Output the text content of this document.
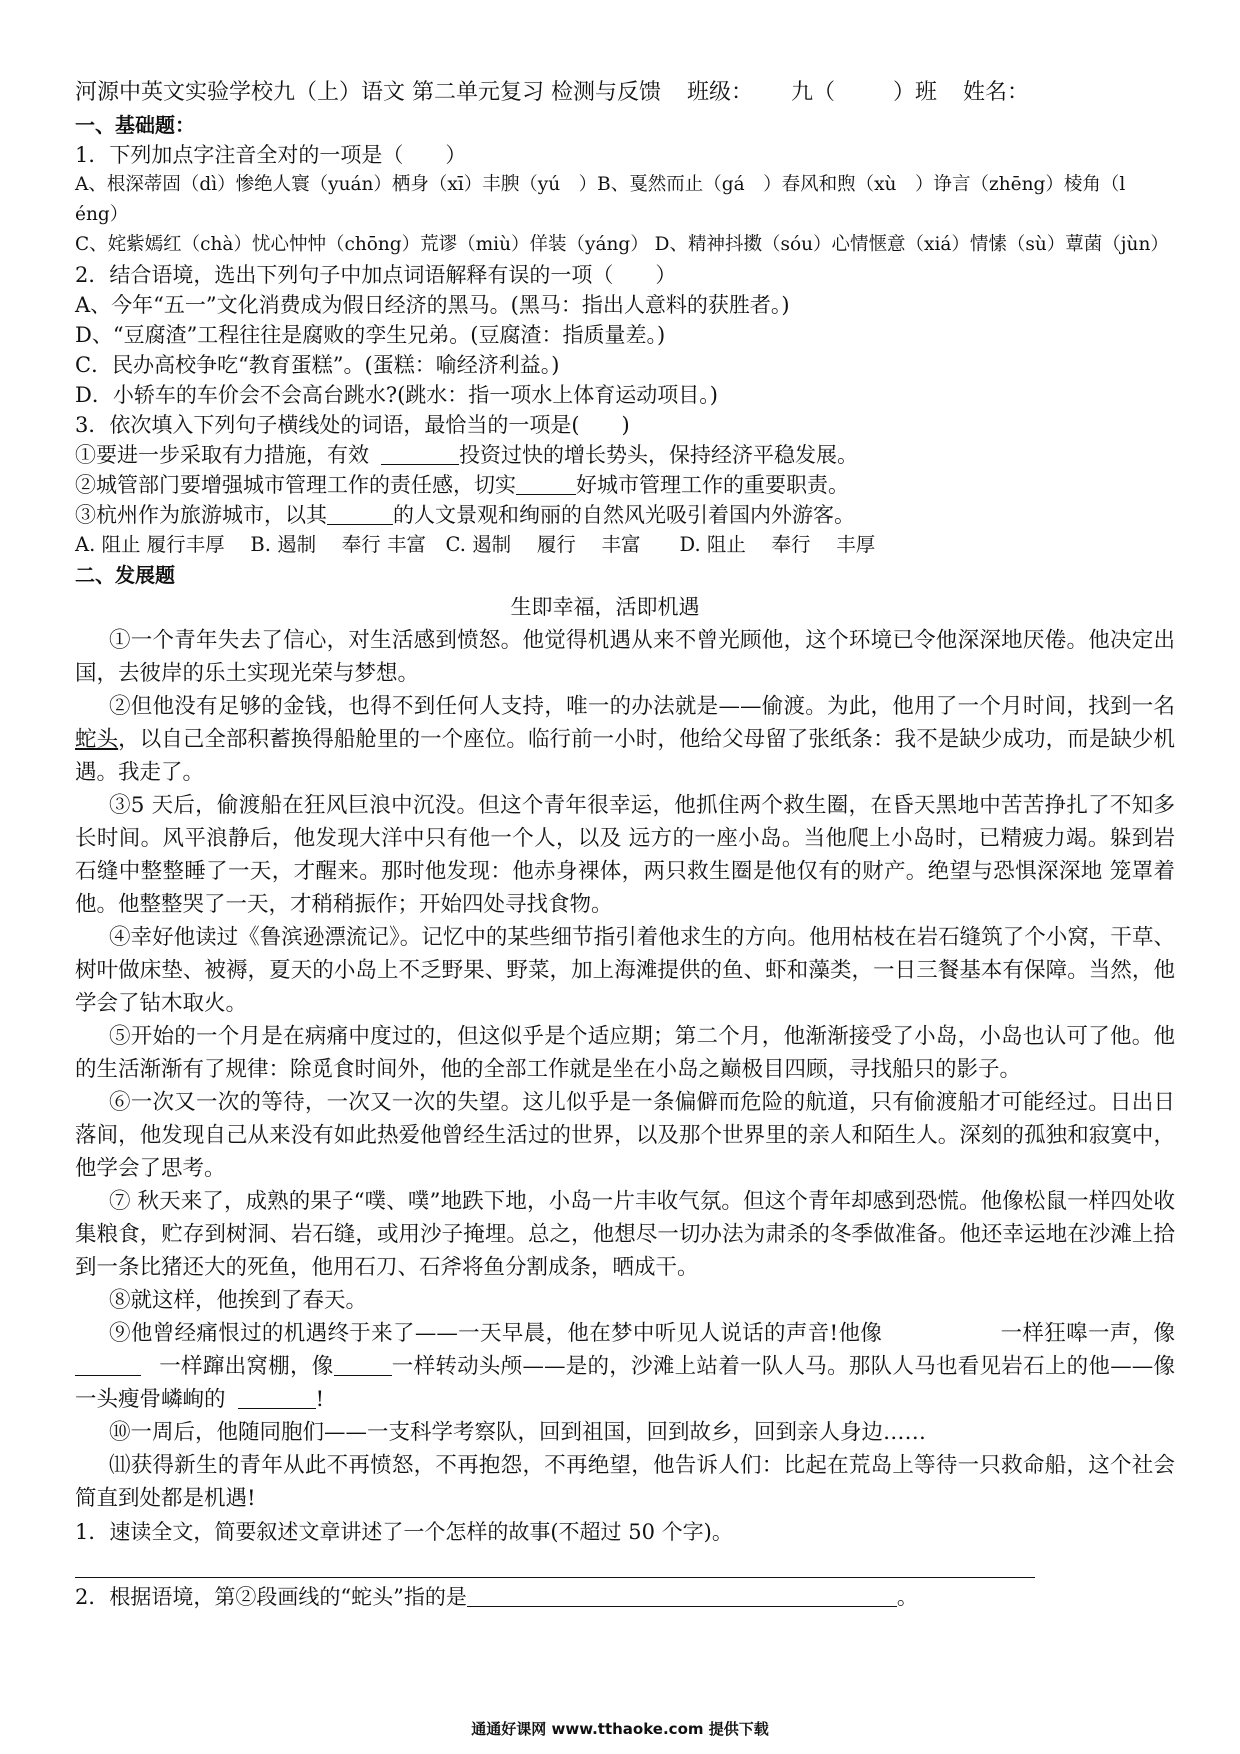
河源中英文实验学校九（上）语文 第二单元复习 检测与反馈 班级： 九（	）班 姓名：
一、基础题：
1．下列加点字注音全对的一项是（　　）
A、根深蒂固（dì）惨绝人寰（yuán）栖身（xī）丰腴（yú　）B、戛然而止（gá　）春风和煦（xù　）诤言（zhēng）棱角（l
éng）
C、姹紫嫣红（chà）忧心忡忡（chōng）荒谬（miù）佯装（yáng） D、精神抖擞（sóu）心情惬意（xiá）情愫（sù）蕈菌（jùn）
2．结合语境，选出下列句子中加点词语解释有误的一项（　　）
A、今年“五一”文化消费成为假日经济的黑马。(黑马：指出人意料的获胜者。)
D、“豆腐渣”工程往往是腐败的孪生兄弟。(豆腐渣：指质量差。)
C．民办高校争吃“教育蛋糕”。(蛋糕：喻经济利益。)
D．小轿车的车价会不会高台跳水?(跳水：指一项水上体育运动项目。)
3．依次填入下列句子横线处的词语，最恰当的一项是(　　)
①要进一步采取有力措施，有效	投资过快的增长势头，保持经济平稳发展。
②城管部门要增强城市管理工作的责任感，切实	好城市管理工作的重要职责。
③杭州作为旅游城市，以其	的人文景观和绚丽的自然风光吸引着国内外游客。
A. 阻止 履行丰厚　 B. 遏制　 奉行 丰富　C. 遏制　 履行　 丰富　　D. 阻止　 奉行　 丰厚
二、发展题
生即幸福，活即机遇
①一个青年失去了信心，对生活感到愤怒。他觉得机遇从来不曾光顾他，这个环境已令他深深地厌倦。他决定出国，去彼岸的乐土实现光荣与梦想。
②但他没有足够的金钱，也得不到任何人支持，唯一的办法就是——偷渡。为此，他用了一个月时间，找到一名蛇头，以自己全部积蓄换得船舱里的一个座位。临行前一小时，他给父母留了张纸条：我不是缺少成功，而是缺少机遇。我走了。
③5 天后，偷渡船在狂风巨浪中沉没。但这个青年很幸运，他抓住两个救生圈，在昏天黑地中苦苦挣扎了不知多长时间。风平浪静后，他发现大洋中只有他一个人，以及 远方的一座小岛。当他爬上小岛时，已精疲力竭。躲到岩石缝中整整睡了一天，才醒来。那时他发现：他赤身裸体，两只救生圈是他仅有的财产。绝望与恐惧深深地 笼罩着他。他整整哭了一天，才稍稍振作；开始四处寻找食物。
④幸好他读过《鲁滨逊漂流记》。记忆中的某些细节指引着他求生的方向。他用枯枝在岩石缝筑了个小窝，干草、树叶做床垫、被褥，夏天的小岛上不乏野果、野菜，加上海滩提供的鱼、虾和藻类，一日三餐基本有保障。当然，他学会了钻木取火。
⑤开始的一个月是在病痛中度过的，但这似乎是个适应期；第二个月，他渐渐接受了小岛，小岛也认可了他。他的生活渐渐有了规律：除觅食时间外，他的全部工作就是坐在小岛之巅极目四顾，寻找船只的影子。
⑥一次又一次的等待，一次又一次的失望。这儿似乎是一条偏僻而危险的航道，只有偷渡船才可能经过。日出日落间，他发现自己从来没有如此热爱他曾经生活过的世界，以及那个世界里的亲人和陌生人。深刻的孤独和寂寞中，他学会了思考。
⑦ 秋天来了，成熟的果子“噗、噗”地跌下地，小岛一片丰收气氛。但这个青年却感到恐慌。他像松鼠一样四处收集粮食，贮存到树洞、岩石缝，或用沙子掩埋。总之，他想尽一切办法为肃杀的冬季做准备。他还幸运地在沙滩上拾到一条比猪还大的死鱼，他用石刀、石斧将鱼分割成条，晒成干。
⑧就这样，他挨到了春天。
⑨他曾经痛恨过的机遇终于来了——一天早晨，他在梦中听见人说话的声音!他像	一样狂嗥一声，像一样蹿出窝棚，像	一样转动头颅——是的，沙滩上站着一队人马。那队人马也看见岩石上的他——像一头瘦骨嶙峋的	!
⑩一周后，他随同胞们——一支科学考察队，回到祖国，回到故乡，回到亲人身边……
⑾获得新生的青年从此不再愤怒，不再抱怨，不再绝望，他告诉人们：比起在荒岛上等待一只救命船，这个社会简直到处都是机遇!
1．速读全文，简要叙述文章讲述了一个怎样的故事(不超过 50 个字)。
2．根据语境，第②段画线的“蛇头”指的是	。
通通好课网 www.tthaoke.com 提供下载
